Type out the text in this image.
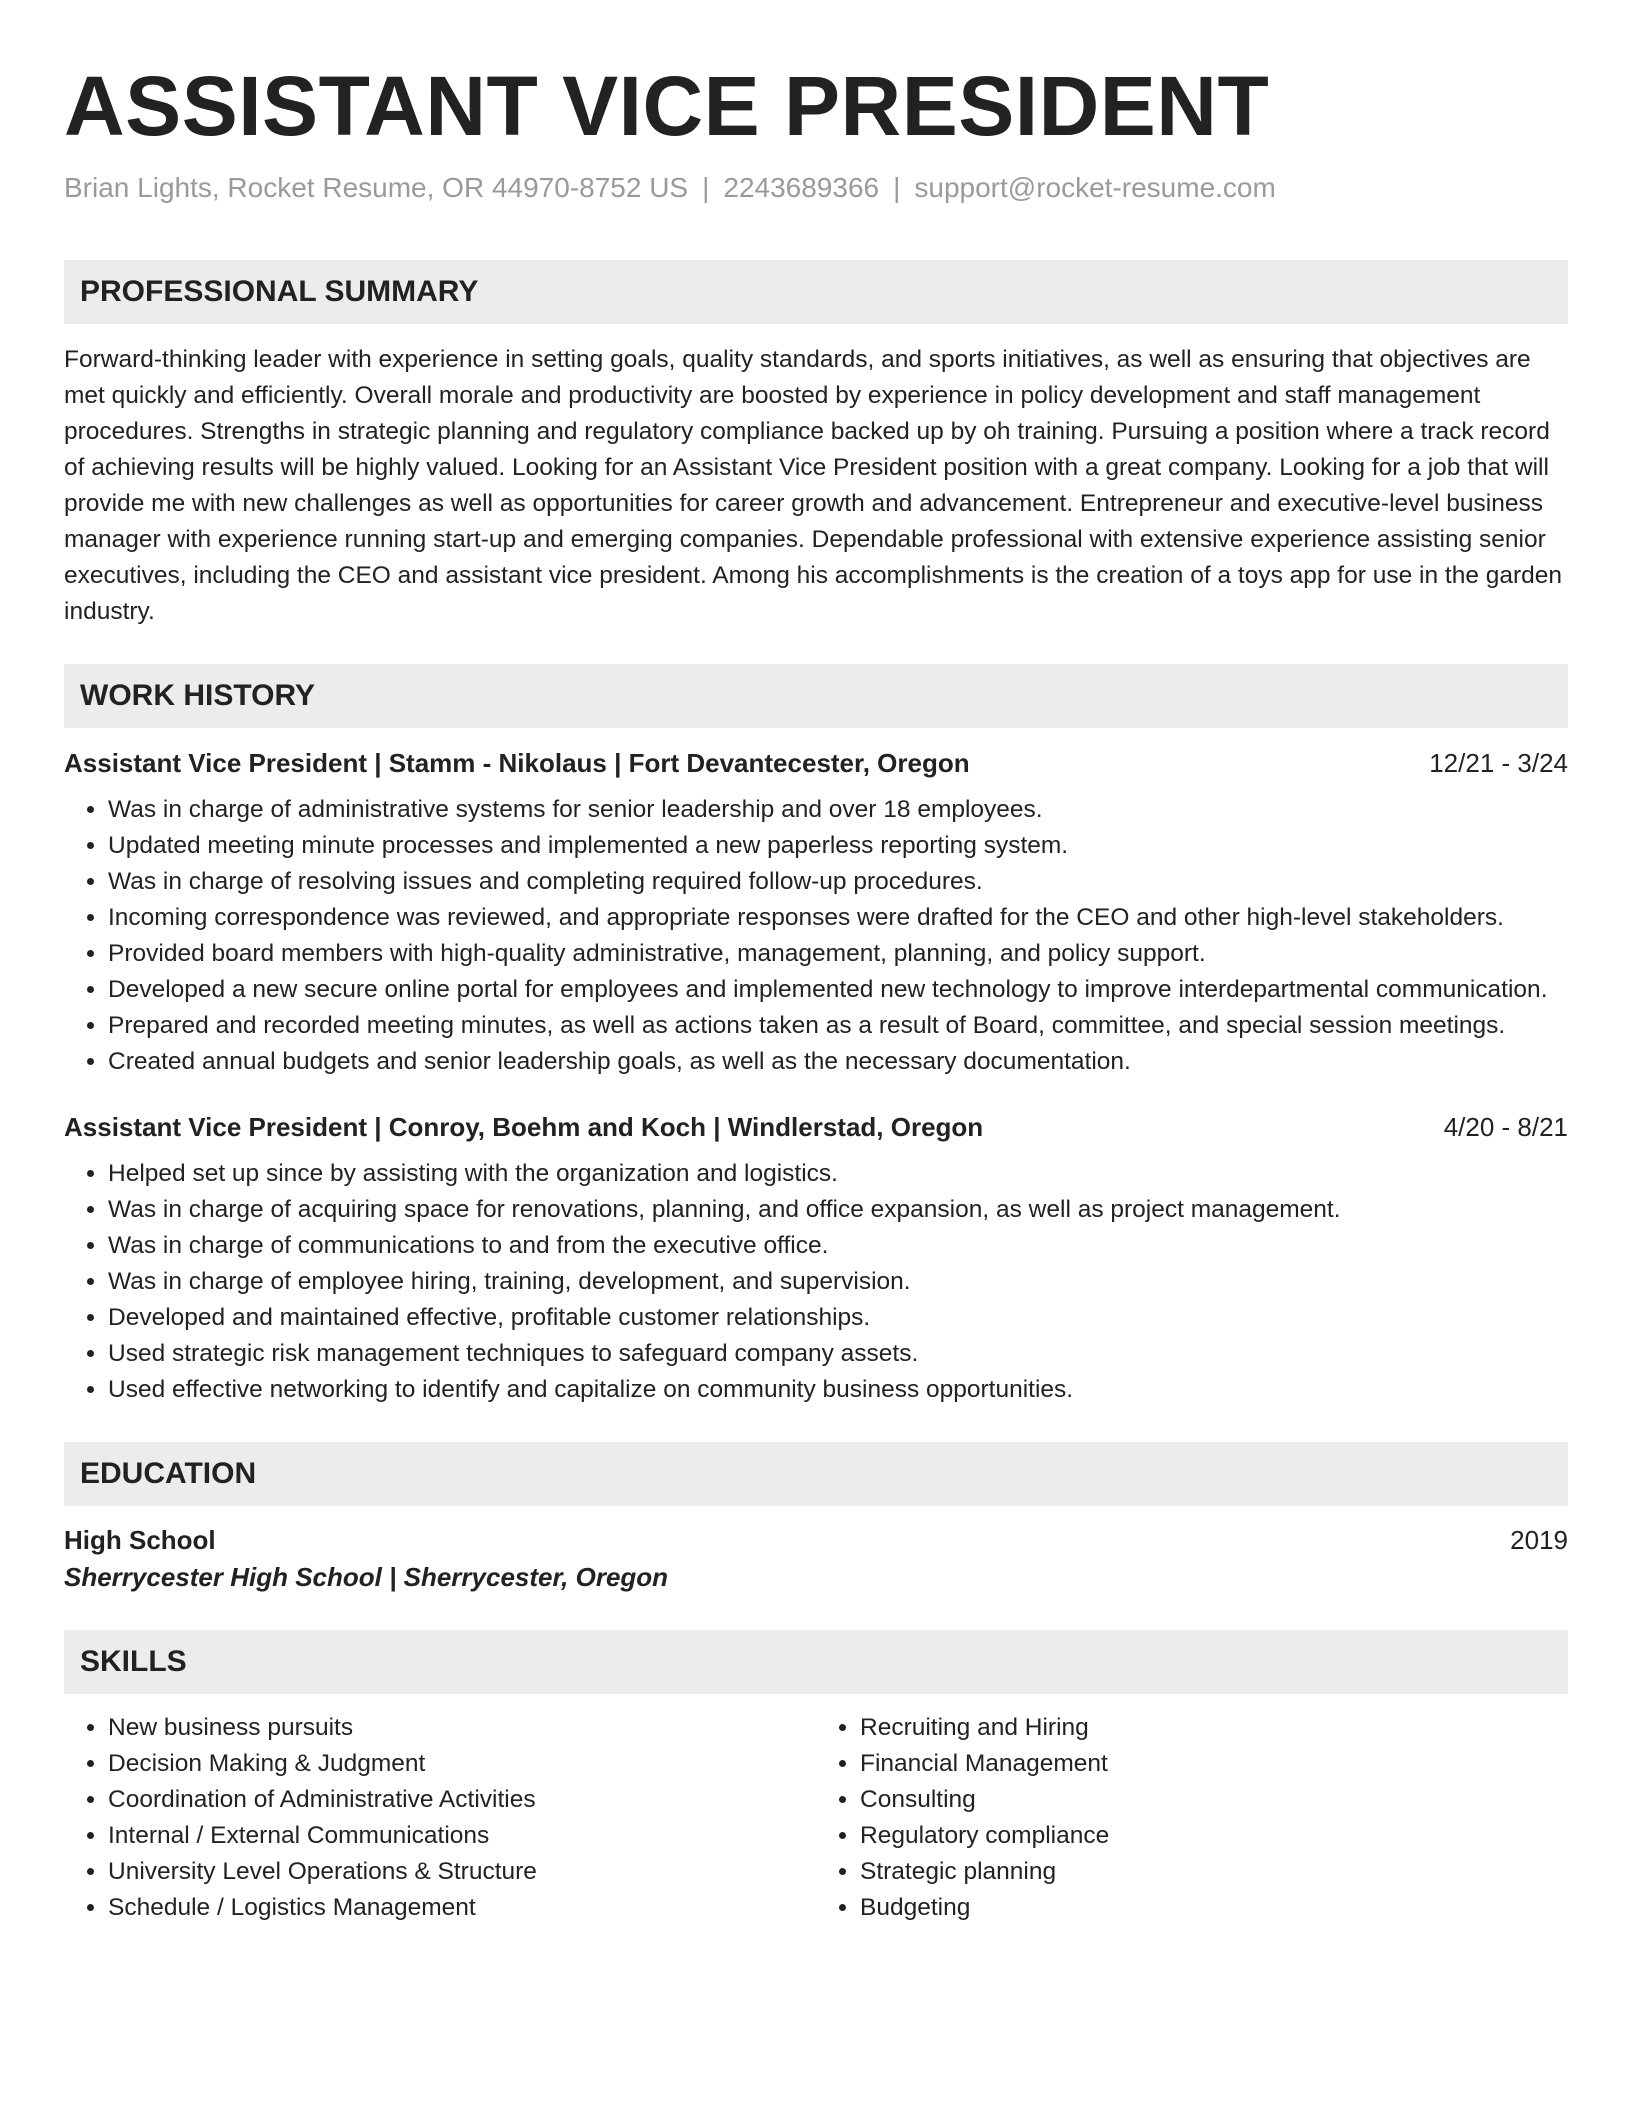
ASSISTANT VICE PRESIDENT
Brian Lights, Rocket Resume, OR 44970-8752 US | 2243689366 | support@rocket-resume.com
PROFESSIONAL SUMMARY
Forward-thinking leader with experience in setting goals, quality standards, and sports initiatives, as well as ensuring that objectives are met quickly and efficiently. Overall morale and productivity are boosted by experience in policy development and staff management procedures. Strengths in strategic planning and regulatory compliance backed up by oh training. Pursuing a position where a track record of achieving results will be highly valued. Looking for an Assistant Vice President position with a great company. Looking for a job that will provide me with new challenges as well as opportunities for career growth and advancement. Entrepreneur and executive-level business manager with experience running start-up and emerging companies. Dependable professional with extensive experience assisting senior executives, including the CEO and assistant vice president. Among his accomplishments is the creation of a toys app for use in the garden industry.
WORK HISTORY
Assistant Vice President | Stamm - Nikolaus | Fort Devantecester, Oregon	12/21 - 3/24
• Was in charge of administrative systems for senior leadership and over 18 employees.
• Updated meeting minute processes and implemented a new paperless reporting system.
• Was in charge of resolving issues and completing required follow-up procedures.
• Incoming correspondence was reviewed, and appropriate responses were drafted for the CEO and other high-level stakeholders.
• Provided board members with high-quality administrative, management, planning, and policy support.
• Developed a new secure online portal for employees and implemented new technology to improve interdepartmental communication.
• Prepared and recorded meeting minutes, as well as actions taken as a result of Board, committee, and special session meetings.
• Created annual budgets and senior leadership goals, as well as the necessary documentation.
Assistant Vice President | Conroy, Boehm and Koch | Windlerstad, Oregon	4/20 - 8/21
• Helped set up since by assisting with the organization and logistics.
• Was in charge of acquiring space for renovations, planning, and office expansion, as well as project management.
• Was in charge of communications to and from the executive office.
• Was in charge of employee hiring, training, development, and supervision.
• Developed and maintained effective, profitable customer relationships.
• Used strategic risk management techniques to safeguard company assets.
• Used effective networking to identify and capitalize on community business opportunities.
EDUCATION
High School	2019
Sherrycester High School | Sherrycester, Oregon
SKILLS
• New business pursuits
• Decision Making & Judgment
• Coordination of Administrative Activities
• Internal / External Communications
• University Level Operations & Structure
• Schedule / Logistics Management
• Recruiting and Hiring
• Financial Management
• Consulting
• Regulatory compliance
• Strategic planning
• Budgeting
